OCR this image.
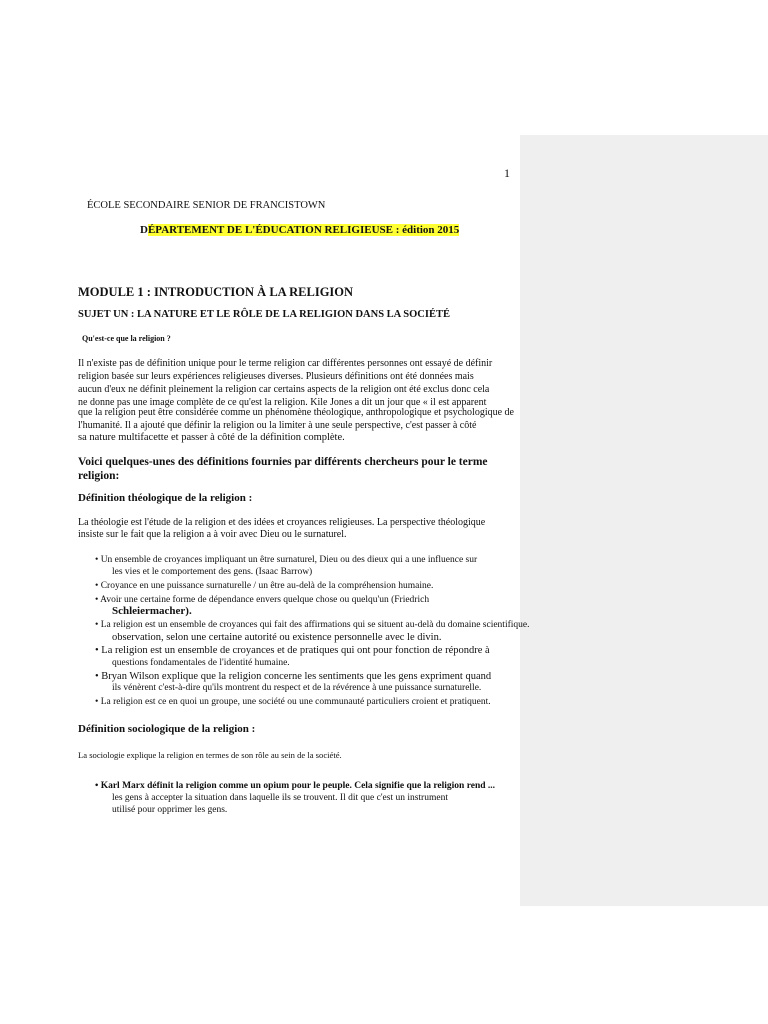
1
ÉCOLE SECONDAIRE SENIOR DE FRANCISTOWN
DÉPARTEMENT DE L'ÉDUCATION RELIGIEUSE : édition 2015
MODULE 1 : INTRODUCTION À LA RELIGION
SUJET UN : LA NATURE ET LE RÔLE DE LA RELIGION DANS LA SOCIÉTÉ
Qu'est-ce que la religion ?
Il n'existe pas de définition unique pour le terme religion car différentes personnes ont essayé de définir
religion basée sur leurs expériences religieuses diverses. Plusieurs définitions ont été données mais
aucun d'eux ne définit pleinement la religion car certains aspects de la religion ont été exclus donc cela
ne donne pas une image complète de ce qu'est la religion. Kile Jones a dit un jour que « il est apparent
que la religion peut être considérée comme un phénomène théologique, anthropologique et psychologique de
l'humanité. Il a ajouté que définir la religion ou la limiter à une seule perspective, c'est passer à côté
sa nature multifacette et passer à côté de la définition complète.
Voici quelques-unes des définitions fournies par différents chercheurs pour le terme
religion:
Définition théologique de la religion :
La théologie est l'étude de la religion et des idées et croyances religieuses. La perspective théologique
insiste sur le fait que la religion a à voir avec Dieu ou le surnaturel.
• Un ensemble de croyances impliquant un être surnaturel, Dieu ou des dieux qui a une influence sur
les vies et le comportement des gens. (Isaac Barrow)
• Croyance en une puissance surnaturelle / un être au-delà de la compréhension humaine.
• Avoir une certaine forme de dépendance envers quelque chose ou quelqu'un (Friedrich
Schleiermacher).
• La religion est un ensemble de croyances qui fait des affirmations qui se situent au-delà du domaine scientifique.
observation, selon une certaine autorité ou existence personnelle avec le divin.
• La religion est un ensemble de croyances et de pratiques qui ont pour fonction de répondre à
questions fondamentales de l'identité humaine.
• Bryan Wilson explique que la religion concerne les sentiments que les gens expriment quand
ils vénèrent c'est-à-dire qu'ils montrent du respect et de la révérence à une puissance surnaturelle.
• La religion est ce en quoi un groupe, une société ou une communauté particuliers croient et pratiquent.
Définition sociologique de la religion :
La sociologie explique la religion en termes de son rôle au sein de la société.
• Karl Marx définit la religion comme un opium pour le peuple. Cela signifie que la religion rend ...
les gens à accepter la situation dans laquelle ils se trouvent. Il dit que c'est un instrument
utilisé pour opprimer les gens.
